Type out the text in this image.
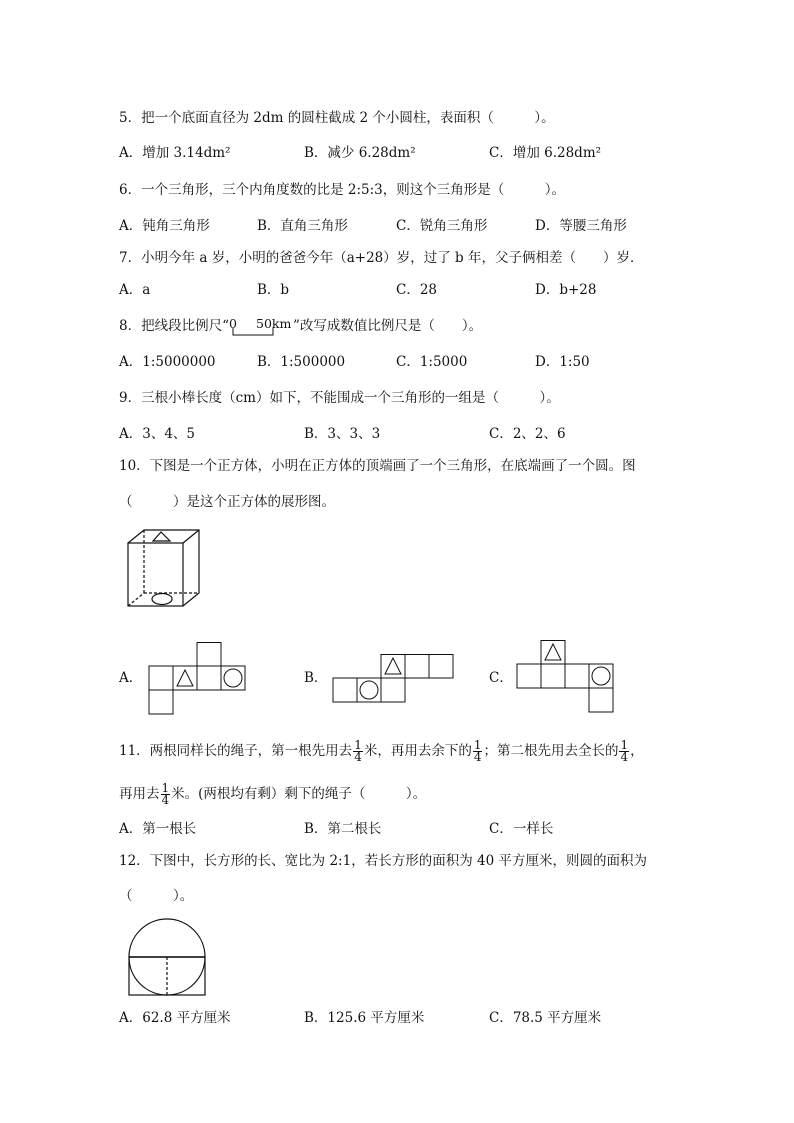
5．把一个底面直径为 2dm 的圆柱截成 2 个小圆柱，表面积（　　　）。
A．增加 3.14dm²	B．减少 6.28dm²	C．增加 6.28dm²
6．一个三角形，三个内角度数的比是 2:5:3，则这个三角形是（　　　）。
A．钝角三角形	B．直角三角形	C．锐角三角形	D．等腰三角形
7．小明今年 a 岁，小明的爸爸今年（a+28）岁，过了 b 年，父子俩相差（　　）岁．
A．a	B．b	C．28	D．b+28
8．把线段比例尺“ 0 50km ”改写成数值比例尺是（　　）。
A．1:5000000	B．1:500000	C．1:5000	D．1:50
9．三根小棒长度（cm）如下，不能围成一个三角形的一组是（　　　）。
A．3、4、5	B．3、3、3	C．2、2、6
10．下图是一个正方体，小明在正方体的顶端画了一个三角形，在底端画了一个圆。图
（　　　）是这个正方体的展形图。
A．	B．	C．
11．两根同样长的绳子，第一根先用去 $\frac{1}{4}$ 米，再用去余下的 $\frac{1}{4}$ ；第二根先用去全长的 $\frac{1}{4}$ ，
再用去 $\frac{1}{4}$ 米。(两根均有剩）剩下的绳子（　　　）。
A．第一根长	B．第二根长	C．一样长
12．下图中，长方形的长、宽比为 2:1，若长方形的面积为 40 平方厘米，则圆的面积为
（　　　）。
A．62.8 平方厘米	B．125.6 平方厘米	C．78.5 平方厘米
